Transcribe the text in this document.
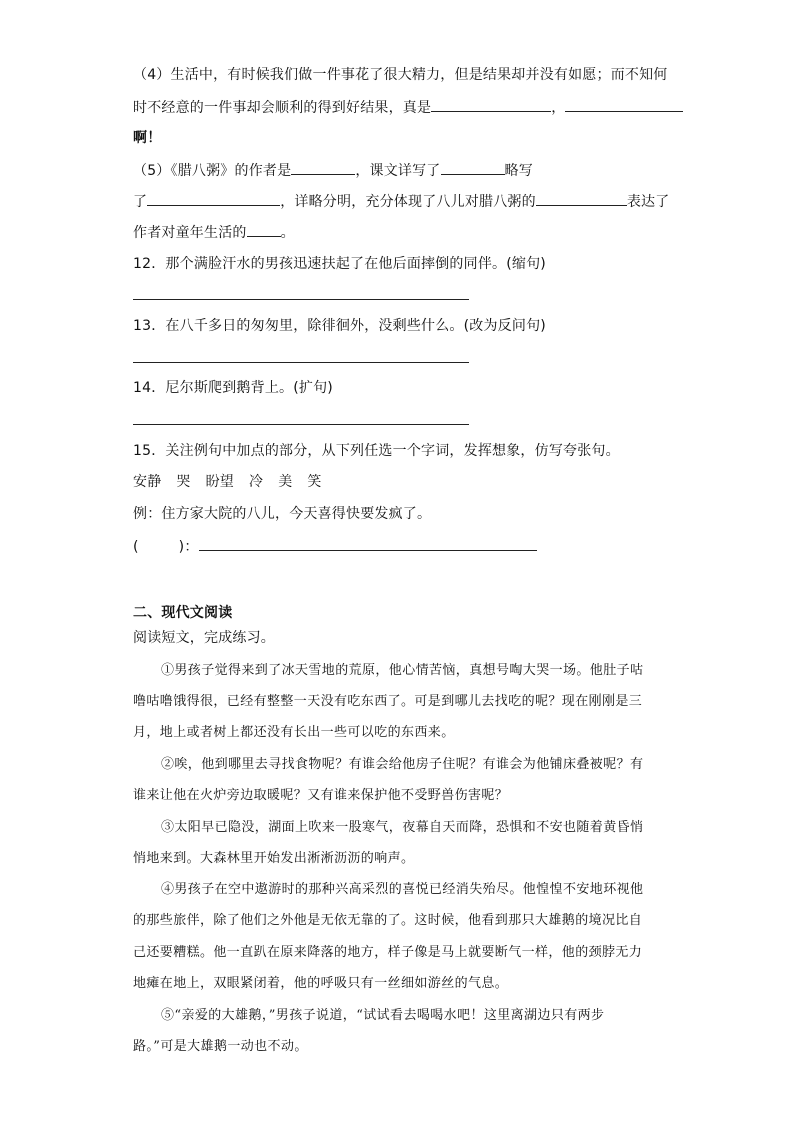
（4）生活中，有时候我们做一件事花了很大精力，但是结果却并没有如愿；而不知何
时不经意的一件事却会顺利的得到好结果，真是	，
啊！
（5）《腊八粥》的作者是	，课文详写了	略写
了	，详略分明，充分体现了八儿对腊八粥的	表达了
作者对童年生活的 。
12．那个满脸汗水的男孩迅速扶起了在他后面摔倒的同伴。(缩句)
13．在八千多日的匆匆里，除徘徊外，没剩些什么。(改为反问句)
14．尼尔斯爬到鹅背上。(扩句)
15．关注例句中加点的部分，从下列任选一个字词，发挥想象，仿写夸张句。
安静 哭 盼望 冷 美 笑
例：住方家大院的八儿，今天喜得快要发疯了。
(	)：
二、现代文阅读
阅读短文，完成练习。
①男孩子觉得来到了冰天雪地的荒原，他心情苦恼，真想号啕大哭一场。他肚子咕
噜咕噜饿得很，已经有整整一天没有吃东西了。可是到哪儿去找吃的呢？现在刚刚是三
月，地上或者树上都还没有长出一些可以吃的东西来。
②唉，他到哪里去寻找食物呢？有谁会给他房子住呢？有谁会为他铺床叠被呢？有
谁来让他在火炉旁边取暖呢？又有谁来保护他不受野兽伤害呢？
③太阳早已隐没，湖面上吹来一股寒气，夜幕自天而降，恐惧和不安也随着黄昏悄
悄地来到。大森林里开始发出淅淅沥沥的响声。
④男孩子在空中遨游时的那种兴高采烈的喜悦已经消失殆尽。他惶惶不安地环视他
的那些旅伴，除了他们之外他是无依无靠的了。这时候，他看到那只大雄鹅的境况比自
己还要糟糕。他一直趴在原来降落的地方，样子像是马上就要断气一样，他的颈脖无力
地瘫在地上，双眼紧闭着，他的呼吸只有一丝细如游丝的气息。
⑤“亲爱的大雄鹅，”男孩子说道，“试试看去喝喝水吧！这里离湖边只有两步
路。”可是大雄鹅一动也不动。
